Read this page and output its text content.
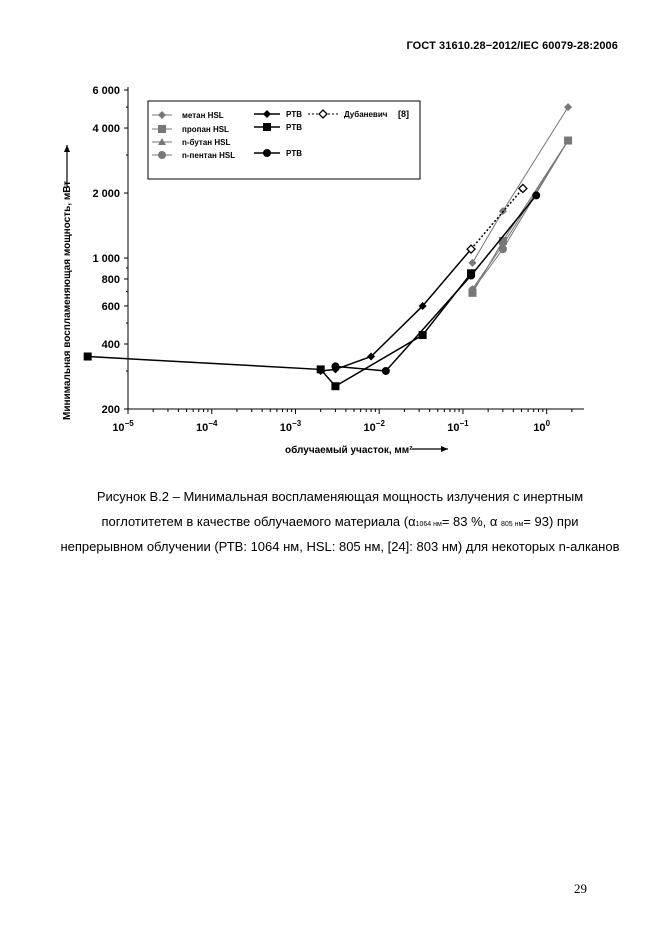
ГОСТ 31610.28−2012/IEC 60079-28:2006
200
400
600
800
1 000
2 000
4 000
6 000
$10^{-5}$	$10^{-4}$	$10^{-3}$	$10^{-2}$	$10^{-1}$	$10^0$
облучаемый участок, мм²
Минимальная воспламеняющая мощность, мВт
метан HSL
пропан HSL
n-бутан HSL
n-пентан HSL
PTB
PTB
PTB
Дубаневич [8]
Рисунок В.2 – Минимальная воспламеняющая мощность излучения с инертным
поглотитетем в качестве облучаемого материала (α1064 нм= 83 %, α 805 нм= 93) при
непрерывном облучении (РТВ: 1064 нм, HSL: 805 нм, [24]: 803 нм) для некоторых n-алканов
29
